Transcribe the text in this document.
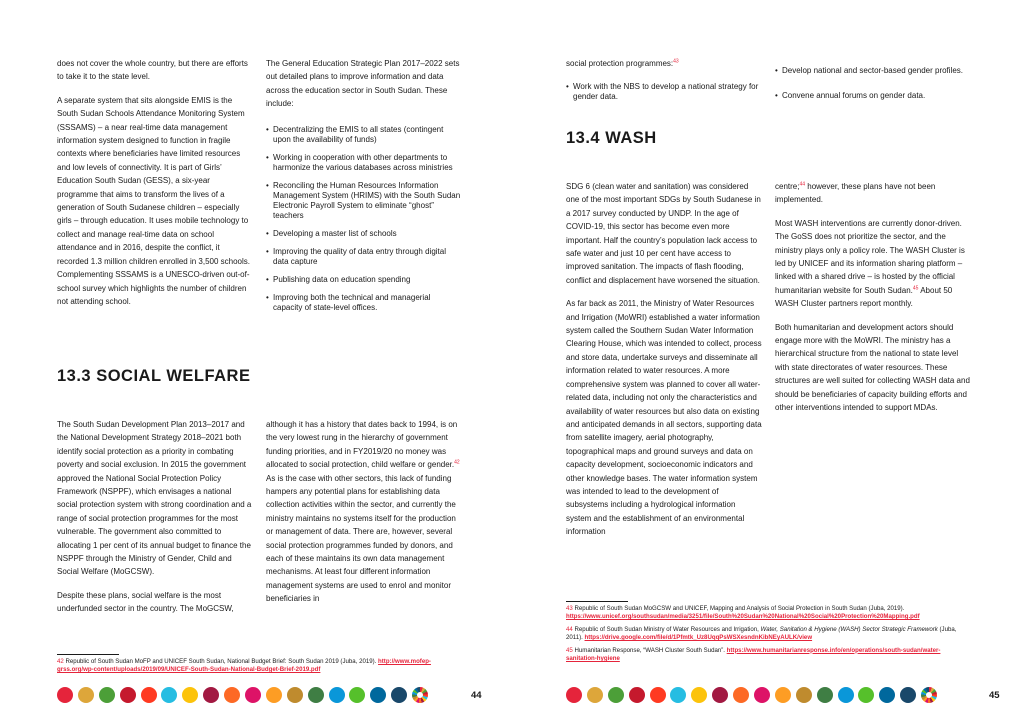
does not cover the whole country, but there are efforts to take it to the state level.

A separate system that sits alongside EMIS is the South Sudan Schools Attendance Monitoring System (SSSAMS) – a near real-time data management information system designed to function in fragile contexts where beneficiaries have limited resources and low levels of connectivity. It is part of Girls’ Education South Sudan (GESS), a six-year programme that aims to transform the lives of a generation of South Sudanese children – especially girls – through education. It uses mobile technology to collect and manage real-time data on school attendance and in 2016, despite the conflict, it recorded 1.3 million children enrolled in 3,500 schools. Complementing SSSAMS is a UNESCO-driven out-of-school survey which highlights the number of children not attending school.

The General Education Strategic Plan 2017–2022 sets out detailed plans to improve information and data across the education sector in South Sudan. These include:

• Decentralizing the EMIS to all states (contingent upon the availability of funds)
• Working in cooperation with other departments to harmonize the various databases across ministries
• Reconciling the Human Resources Information Management System (HRIMS) with the South Sudan Electronic Payroll System to eliminate “ghost” teachers
• Developing a master list of schools
• Improving the quality of data entry through digital data capture
• Publishing data on education spending
• Improving both the technical and managerial capacity of state-level offices.
13.3 SOCIAL WELFARE

The South Sudan Development Plan 2013–2017 and the National Development Strategy 2018–2021 both identify social protection as a priority in combating poverty and social exclusion. In 2015 the government approved the National Social Protection Policy Framework (NSPPF), which envisages a national social protection system with strong coordination and a range of social protection programmes for the most vulnerable. The government also committed to allocating 1 per cent of its annual budget to finance the NSPPF through the Ministry of Gender, Child and Social Welfare (MoGCSW).

Despite these plans, social welfare is the most underfunded sector in the country. The MoGCSW,

although it has a history that dates back to 1994, is on the very lowest rung in the hierarchy of government funding priorities, and in FY2019/20 no money was allocated to social protection, child welfare or gender.$^{42}$ As is the case with other sectors, this lack of funding hampers any potential plans for establishing data collection activities within the sector, and currently the ministry maintains no systems itself for the production or management of data. There are, however, several social protection programmes funded by donors, and each of these maintains its own data management mechanisms. At least four different information management systems are used to enrol and monitor beneficiaries in

42 Republic of South Sudan MoFP and UNICEF South Sudan, National Budget Brief: South Sudan 2019 (Juba, 2019). http://www.mofep-grss.org/wp-content/uploads/2019/09/UNICEF-South-Sudan-National-Budget-Brief-2019.pdf
44

social protection programmes:$^{43}$

• Work with the NBS to develop a national strategy for gender data.
• Develop national and sector-based gender profiles.
• Convene annual forums on gender data.
13.4 WASH

SDG 6 (clean water and sanitation) was considered one of the most important SDGs by South Sudanese in a 2017 survey conducted by UNDP. In the age of COVID-19, this sector has become even more important. Half the country’s population lack access to safe water and just 10 per cent have access to improved sanitation. The impacts of flash flooding, conflict and displacement have worsened the situation.

As far back as 2011, the Ministry of Water Resources and Irrigation (MoWRI) established a water information system called the Southern Sudan Water Information Clearing House, which was intended to collect, process and store data, undertake surveys and disseminate all information related to water resources. A more comprehensive system was planned to cover all water-related data, including not only the characteristics and availability of water resources but also data on existing and anticipated demands in all sectors, supporting data from satellite imagery, aerial photography, topographical maps and ground surveys and data on capacity development, socioeconomic indicators and other knowledge bases. The water information system was intended to lead to the development of subsystems including a hydrological information system and the establishment of an environmental information

centre;$^{44}$ however, these plans have not been implemented.

Most WASH interventions are currently donor-driven. The GoSS does not prioritize the sector, and the ministry plays only a policy role. The WASH Cluster is led by UNICEF and its information sharing platform – linked with a shared drive – is hosted by the official humanitarian website for South Sudan.$^{45}$ About 50 WASH Cluster partners report monthly.

Both humanitarian and development actors should engage more with the MoWRI. The ministry has a hierarchical structure from the national to state level with state directorates of water resources. These structures are well suited for collecting WASH data and should be beneficiaries of capacity building efforts and other interventions intended to support MDAs.

43 Republic of South Sudan MoGCSW and UNICEF, Mapping and Analysis of Social Protection in South Sudan (Juba, 2019). https://www.unicef.org/southsudan/media/3251/file/South%20Sudan%20National%20Social%20Protection%20Mapping.pdf

44 Republic of South Sudan Ministry of Water Resources and Irrigation, Water, Sanitation & Hygiene (WASH) Sector Strategic Framework (Juba, 2011). https://drive.google.com/file/d/1Pfmtk_Uz8UqqPsWSXesndnKibNEyAULK/view

45 Humanitarian Response, “WASH Cluster South Sudan”. https://www.humanitarianresponse.info/en/operations/south-sudan/water-sanitation-hygiene

45
